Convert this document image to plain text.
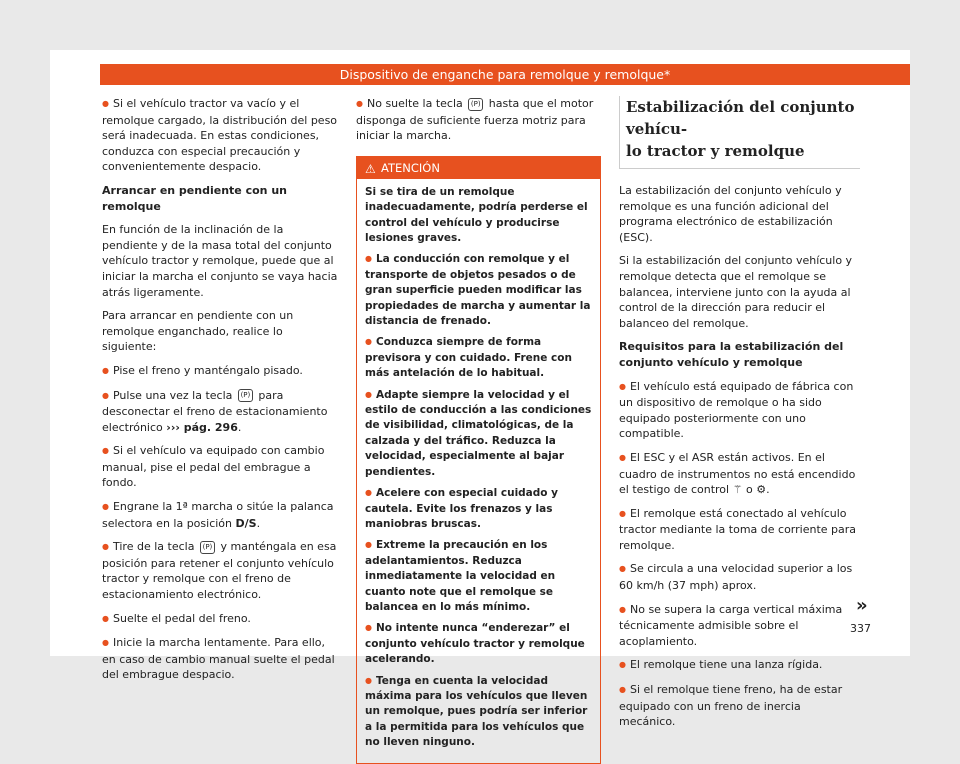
Dispositivo de enganche para remolque y remolque*

● Si el vehículo tractor va vacío y el remolque cargado, la distribución del peso será inadecuada. En estas condiciones, conduzca con especial precaución y convenientemente despacio.

Arrancar en pendiente con un remolque

En función de la inclinación de la pendiente y de la masa total del conjunto vehículo tractor y remolque, puede que al iniciar la marcha el conjunto se vaya hacia atrás ligeramente.

Para arrancar en pendiente con un remolque enganchado, realice lo siguiente:

● Pise el freno y manténgalo pisado.

● Pulse una vez la tecla (P) para desconectar el freno de estacionamiento electrónico ››› pág. 296.

● Si el vehículo va equipado con cambio manual, pise el pedal del embrague a fondo.

● Engrane la 1ª marcha o sitúe la palanca selectora en la posición D/S.

● Tire de la tecla (P) y manténgala en esa posición para retener el conjunto vehículo tractor y remolque con el freno de estacionamiento electrónico.

● Suelte el pedal del freno.

● Inicie la marcha lentamente. Para ello, en caso de cambio manual suelte el pedal del embrague despacio.

● No suelte la tecla (P) hasta que el motor disponga de suficiente fuerza motriz para iniciar la marcha.

⚠ ATENCIÓN

Si se tira de un remolque inadecuadamente, podría perderse el control del vehículo y producirse lesiones graves.

● La conducción con remolque y el transporte de objetos pesados o de gran superficie pueden modificar las propiedades de marcha y aumentar la distancia de frenado.

● Conduzca siempre de forma previsora y con cuidado. Frene con más antelación de lo habitual.

● Adapte siempre la velocidad y el estilo de conducción a las condiciones de visibilidad, climatológicas, de la calzada y del tráfico. Reduzca la velocidad, especialmente al bajar pendientes.

● Acelere con especial cuidado y cautela. Evite los frenazos y las maniobras bruscas.

● Extreme la precaución en los adelantamientos. Reduzca inmediatamente la velocidad en cuanto note que el remolque se balancea en lo más mínimo.

● No intente nunca “enderezar” el conjunto vehículo tractor y remolque acelerando.

● Tenga en cuenta la velocidad máxima para los vehículos que lleven un remolque, pues podría ser inferior a la permitida para los vehículos que no lleven ninguno.

Estabilización del conjunto vehícu-
lo tractor y remolque

La estabilización del conjunto vehículo y remolque es una función adicional del programa electrónico de estabilización (ESC).

Si la estabilización del conjunto vehículo y remolque detecta que el remolque se balancea, interviene junto con la ayuda al control de la dirección para reducir el balanceo del remolque.

Requisitos para la estabilización del conjunto vehículo y remolque

● El vehículo está equipado de fábrica con un dispositivo de remolque o ha sido equipado posteriormente con uno compatible.

● El ESC y el ASR están activos. En el cuadro de instrumentos no está encendido el testigo de control ⚚ o ⚙.

● El remolque está conectado al vehículo tractor mediante la toma de corriente para remolque.

● Se circula a una velocidad superior a los 60 km/h (37 mph) aprox.

● No se supera la carga vertical máxima técnicamente admisible sobre el acoplamiento.

● El remolque tiene una lanza rígida.

● Si el remolque tiene freno, ha de estar equipado con un freno de inercia mecánico.

»
337
